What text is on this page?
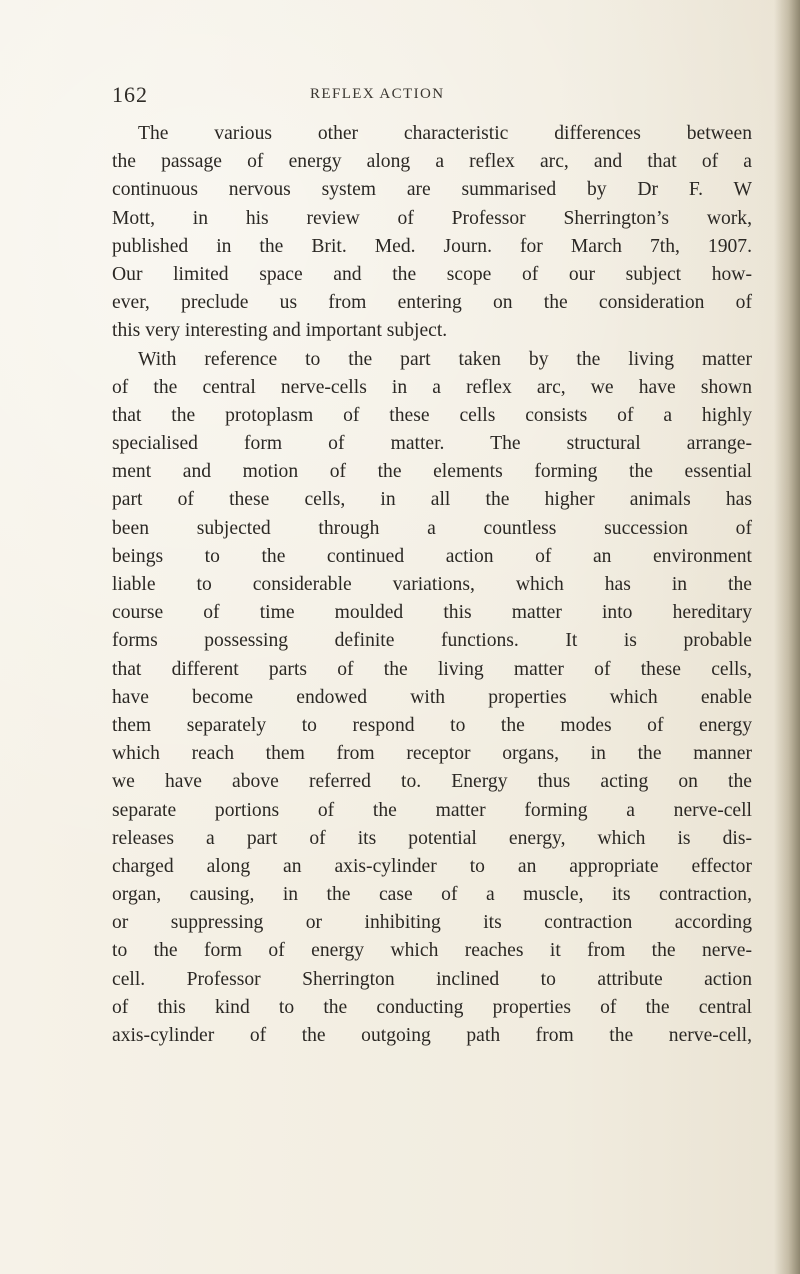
162	REFLEX ACTION
The various other characteristic differences between
the passage of energy along a reflex arc, and that of a
continuous nervous system are summarised by Dr F. W
Mott, in his review of Professor Sherrington’s work,
published in the Brit. Med. Journ. for March 7th, 1907.
Our limited space and the scope of our subject how-
ever, preclude us from entering on the consideration of
this very interesting and important subject.
With reference to the part taken by the living matter
of the central nerve-cells in a reflex arc, we have shown
that the protoplasm of these cells consists of a highly
specialised form of matter. The structural arrange-
ment and motion of the elements forming the essential
part of these cells, in all the higher animals has
been subjected through a countless succession of
beings to the continued action of an environment
liable to considerable variations, which has in the
course of time moulded this matter into hereditary
forms possessing definite functions. It is probable
that different parts of the living matter of these cells,
have become endowed with properties which enable
them separately to respond to the modes of energy
which reach them from receptor organs, in the manner
we have above referred to. Energy thus acting on the
separate portions of the matter forming a nerve-cell
releases a part of its potential energy, which is dis-
charged along an axis-cylinder to an appropriate effector
organ, causing, in the case of a muscle, its contraction,
or suppressing or inhibiting its contraction according
to the form of energy which reaches it from the nerve-
cell. Professor Sherrington inclined to attribute action
of this kind to the conducting properties of the central
axis-cylinder of the outgoing path from the nerve-cell,
